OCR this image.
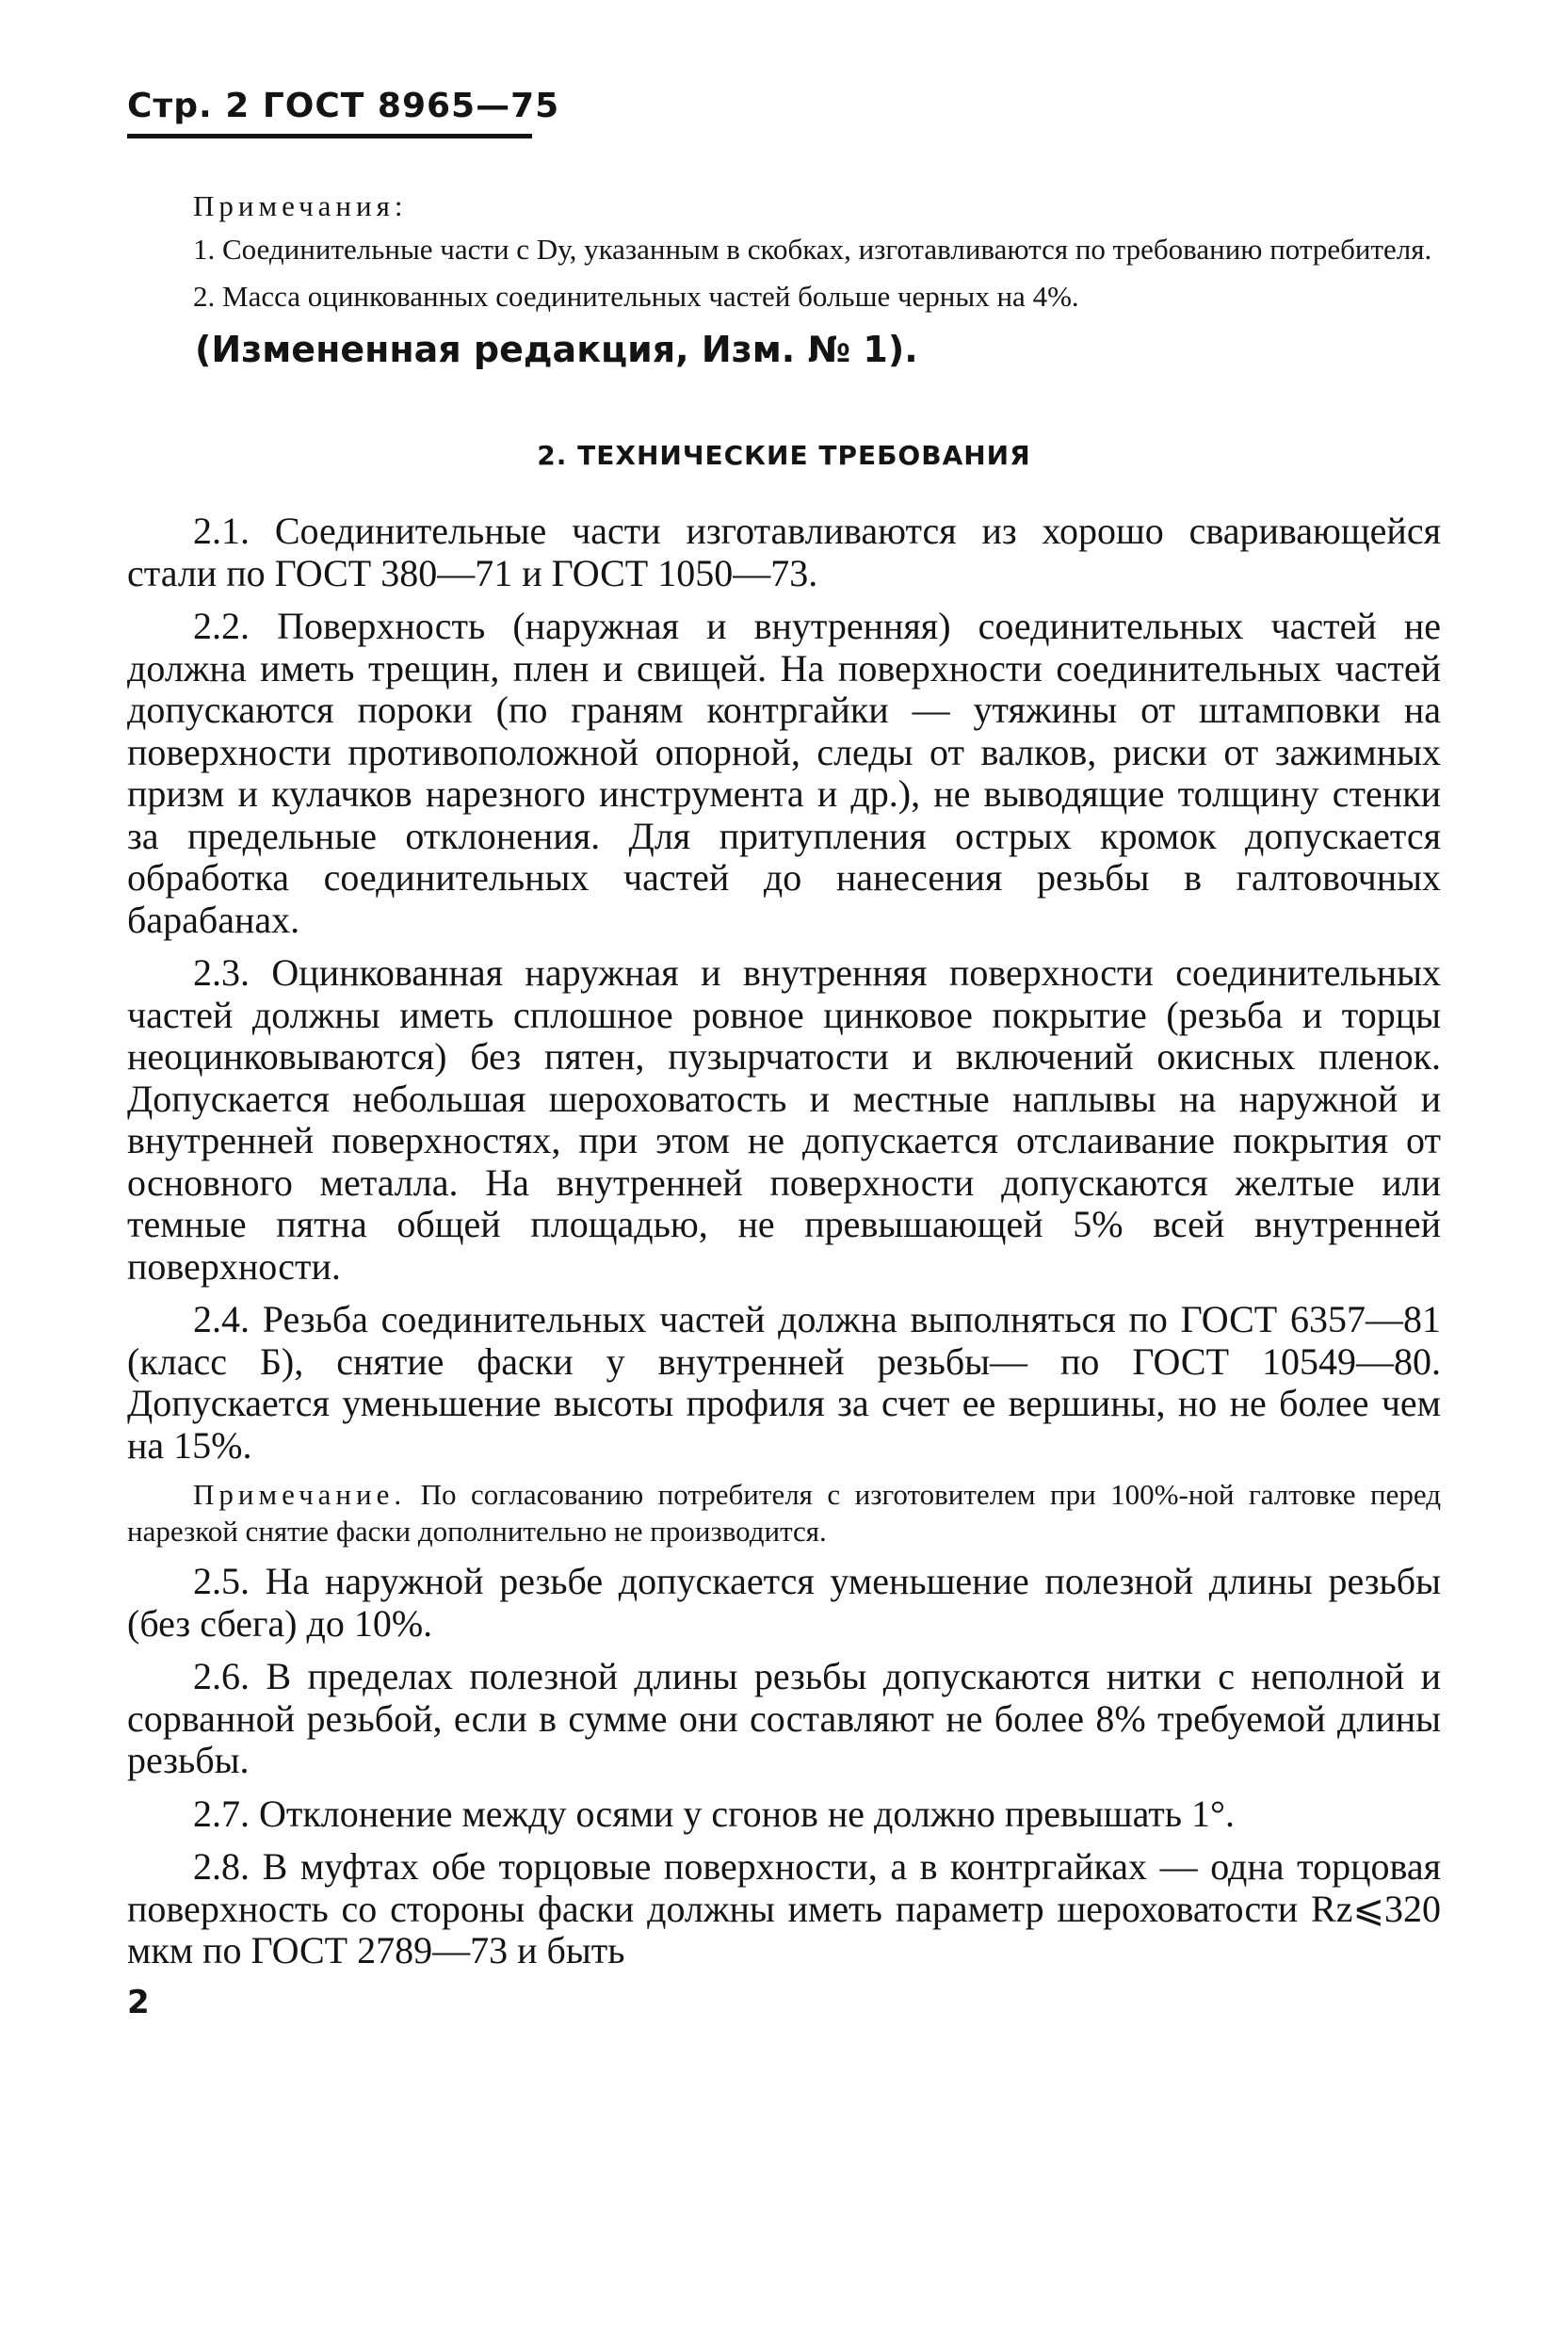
Стр. 2 ГОСТ 8965—75

Примечания:

1. Соединительные части с Dу, указанным в скобках, изготавливаются по требованию потребителя.

2. Масса оцинкованных соединительных частей больше черных на 4%.

(Измененная редакция, Изм. № 1).

2. ТЕХНИЧЕСКИЕ ТРЕБОВАНИЯ

2.1. Соединительные части изготавливаются из хорошо сваривающейся стали по ГОСТ 380—71 и ГОСТ 1050—73.

2.2. Поверхность (наружная и внутренняя) соединительных частей не должна иметь трещин, плен и свищей. На поверхности соединительных частей допускаются пороки (по граням контргайки — утяжины от штамповки на поверхности противоположной опорной, следы от валков, риски от зажимных призм и кулачков нарезного инструмента и др.), не выводящие толщину стенки за предельные отклонения. Для притупления острых кромок допускается обработка соединительных частей до нанесения резьбы в галтовочных барабанах.

2.3. Оцинкованная наружная и внутренняя поверхности соединительных частей должны иметь сплошное ровное цинковое покрытие (резьба и торцы неоцинковываются) без пятен, пузырчатости и включений окисных пленок. Допускается небольшая шероховатость и местные наплывы на наружной и внутренней поверхностях, при этом не допускается отслаивание покрытия от основного металла. На внутренней поверхности допускаются желтые или темные пятна общей площадью, не превышающей 5% всей внутренней поверхности.

2.4. Резьба соединительных частей должна выполняться по ГОСТ 6357—81 (класс Б), снятие фаски у внутренней резьбы— по ГОСТ 10549—80. Допускается уменьшение высоты профиля за счет ее вершины, но не более чем на 15%.

Примечание. По согласованию потребителя с изготовителем при 100%-ной галтовке перед нарезкой снятие фаски дополнительно не производится.

2.5. На наружной резьбе допускается уменьшение полезной длины резьбы (без сбега) до 10%.

2.6. В пределах полезной длины резьбы допускаются нитки с неполной и сорванной резьбой, если в сумме они составляют не более 8% требуемой длины резьбы.

2.7. Отклонение между осями у сгонов не должно превышать 1°.

2.8. В муфтах обе торцовые поверхности, а в контргайках — одна торцовая поверхность со стороны фаски должны иметь параметр шероховатости Rz⩽320 мкм по ГОСТ 2789—73 и быть

2
